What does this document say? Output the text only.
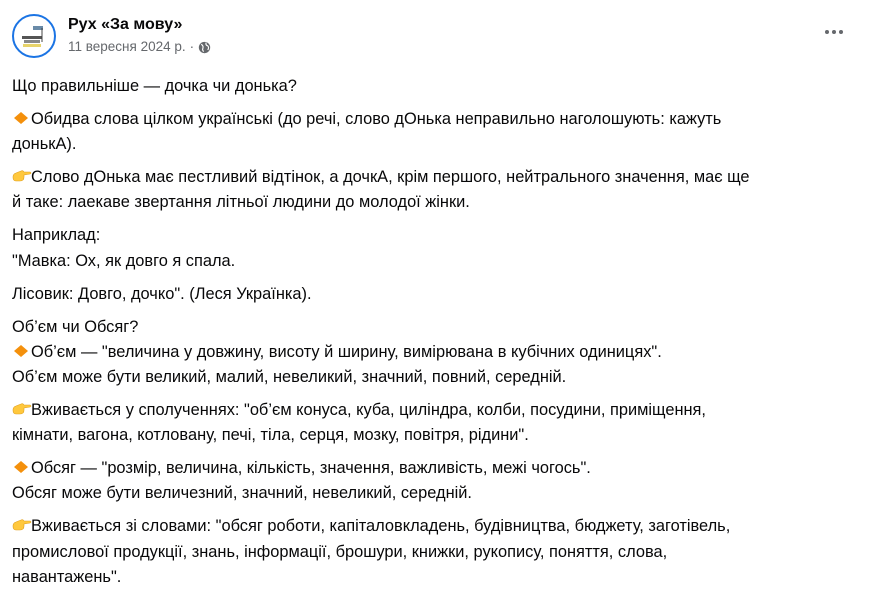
Рух «За мову»
11 вересня 2024 р. ·
Що правильніше — дочка чи донька?
Обидва слова цілком українські (до речі, слово дОнька неправильно наголошують: кажуть
донькА).
Слово дОнька має пестливий відтінок, а дочкА, крім першого, нейтрального значення, має ще
й таке: лаекаве звертання літньої людини до молодої жінки.
Наприклад:
"Мавка: Ох, як довго я спала.
Лісовик: Довго, дочко". (Леся Українка).
Об’єм чи Обсяг?
Об’єм — "величина у довжину, висоту й ширину, вимірювана в кубічних одиницях".
Об’єм може бути великий, малий, невеликий, значний, повний, середній.
Вживається у сполученнях: "об’єм конуса, куба, циліндра, колби, посудини, приміщення,
кімнати, вагона, котловану, печі, тіла, серця, мозку, повітря, рідини".
Обсяг — "розмір, величина, кількість, значення, важливість, межі чогось".
Обсяг може бути величезний, значний, невеликий, середній.
Вживається зі словами: "обсяг роботи, капіталовкладень, будівництва, бюджету, заготівель,
промислової продукції, знань, інформації, брошури, книжки, рукопису, поняття, слова,
навантажень".
